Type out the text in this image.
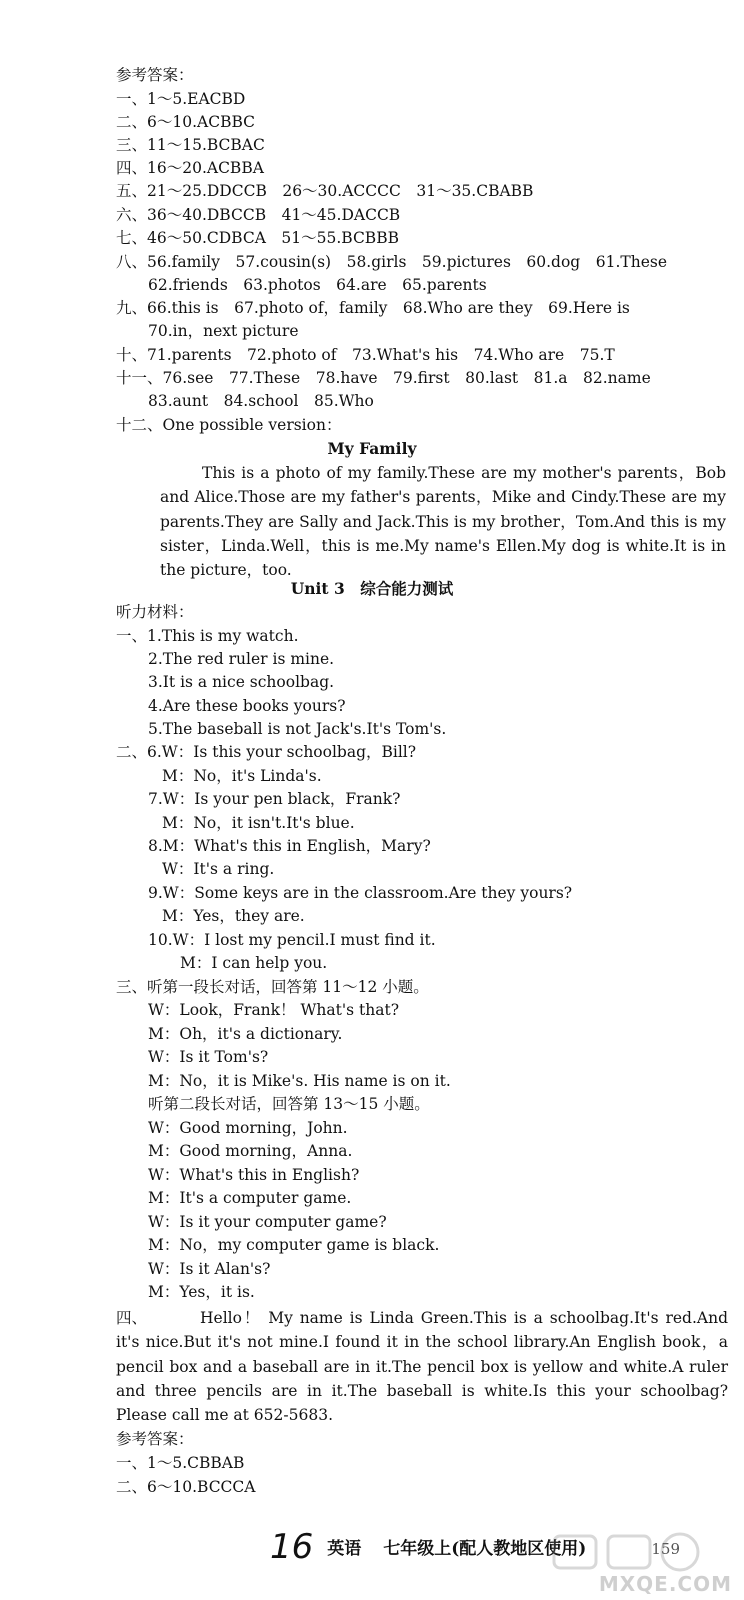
参考答案：
一、1～5.EACBD
二、6～10.ACBBC
三、11～15.BCBAC
四、16～20.ACBBA
五、21～25.DDCCB　26～30.ACCCC　31～35.CBABB
六、36～40.DBCCB　41～45.DACCB
七、46～50.CDBCA　51～55.BCBBB
八、56.family　57.cousin(s)　58.girls　59.pictures　60.dog　61.These
62.friends　63.photos　64.are　65.parents
九、66.this is　67.photo of，family　68.Who are they　69.Here is
70.in，next picture
十、71.parents　72.photo of　73.What's his　74.Who are　75.T
十一、76.see　77.These　78.have　79.first　80.last　81.a　82.name
83.aunt　84.school　85.Who
十二、One possible version：
My Family
This is a photo of my family.These are my mother's parents，Bob and Alice.Those are my father's parents，Mike and Cindy.These are my parents.They are Sally and Jack.This is my brother，Tom.And this is my sister，Linda.Well，this is me.My name's Ellen.My dog is white.It is in the picture，too.
Unit 3　综合能力测试
听力材料：
一、1.This is my watch.
2.The red ruler is mine.
3.It is a nice schoolbag.
4.Are these books yours?
5.The baseball is not Jack's.It's Tom's.
二、6.W：Is this your schoolbag，Bill?
M：No，it's Linda's.
7.W：Is your pen black，Frank?
M：No，it isn't.It's blue.
8.M：What's this in English，Mary?
W：It's a ring.
9.W：Some keys are in the classroom.Are they yours?
M：Yes，they are.
10.W：I lost my pencil.I must find it.
M：I can help you.
三、听第一段长对话，回答第 11～12 小题。
W：Look，Frank！ What's that?
M：Oh，it's a dictionary.
W：Is it Tom's?
M：No，it is Mike's. His name is on it.
听第二段长对话，回答第 13～15 小题。
W：Good morning，John.
M：Good morning，Anna.
W：What's this in English?
M：It's a computer game.
W：Is it your computer game?
M：No，my computer game is black.
W：Is it Alan's?
M：Yes，it is.
四、	Hello！ My name is Linda Green.This is a schoolbag.It's red.And it's nice.But it's not mine.I found it in the school library.An English book，a pencil box and a baseball are in it.The pencil box is yellow and white.A ruler and three pencils are in it.The baseball is white.Is this your schoolbag? Please call me at 652-5683.
参考答案：
一、1～5.CBBAB
二、6～10.BCCCA
16 英语 七年级上(配人教地区使用)	159
MXQE.COM
